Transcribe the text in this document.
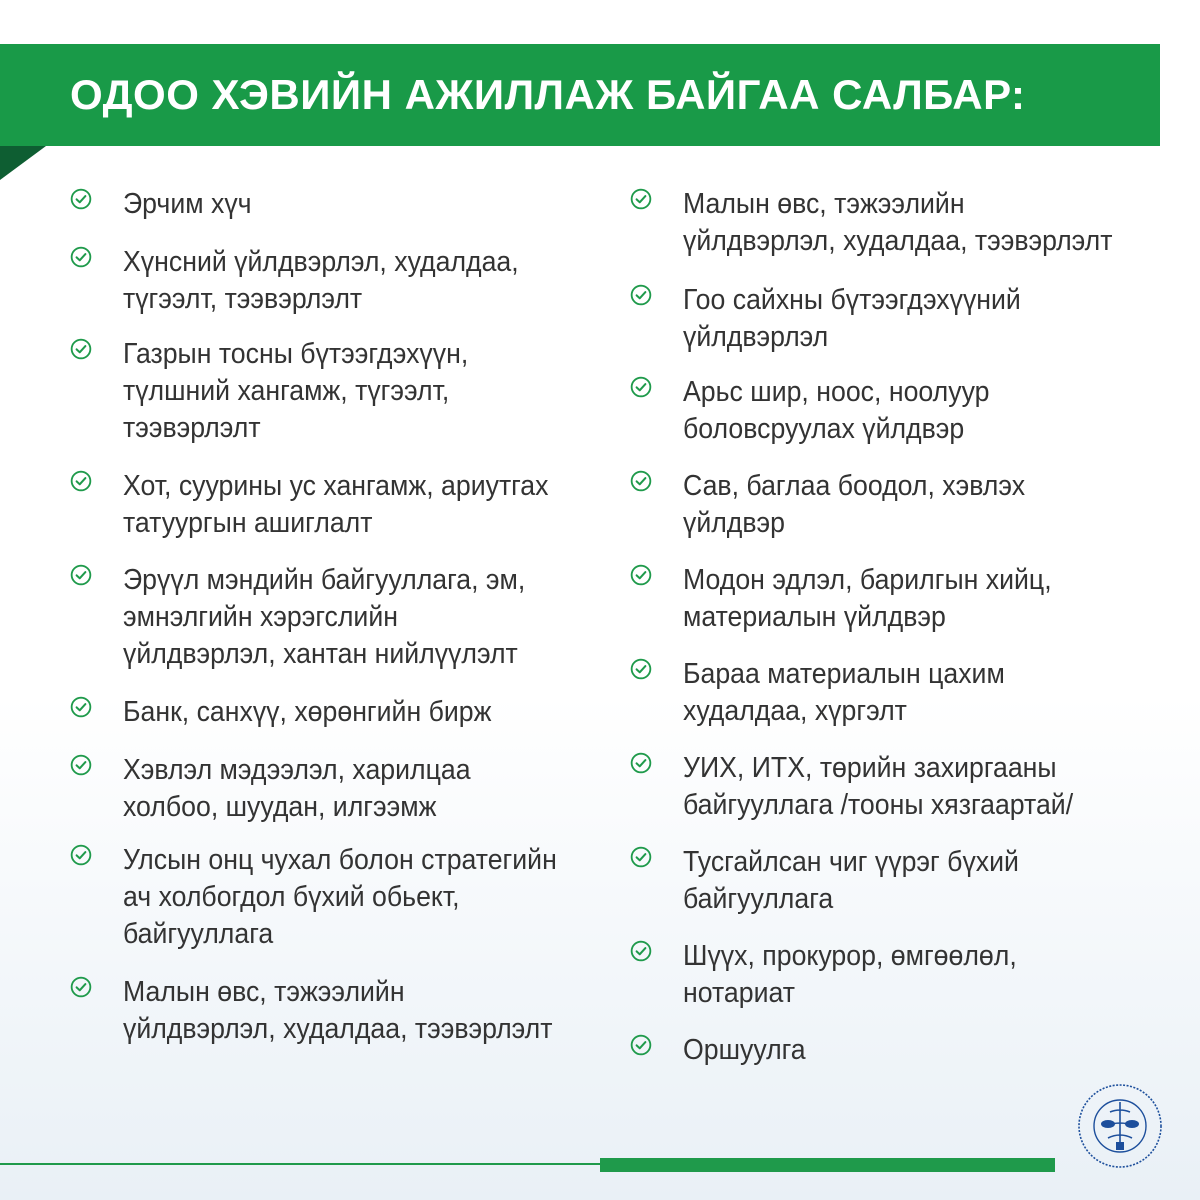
ОДОО ХЭВИЙН АЖИЛЛАЖ БАЙГАА САЛБАР:
Эрчим хүч
Хүнсний үйлдвэрлэл, худалдаа,
түгээлт, тээвэрлэлт
Газрын тосны бүтээгдэхүүн,
түлшний хангамж, түгээлт,
тээвэрлэлт
Хот, суурины ус хангамж, ариутгах
татуургын ашиглалт
Эрүүл мэндийн байгууллага, эм,
эмнэлгийн хэрэгслийн
үйлдвэрлэл, хантан нийлүүлэлт
Банк, санхүү, хөрөнгийн бирж
Хэвлэл мэдээлэл, харилцаа
холбоо, шуудан, илгээмж
Улсын онц чухал болон стратегийн
ач холбогдол бүхий обьект,
байгууллага
Малын өвс, тэжээлийн
үйлдвэрлэл, худалдаа, тээвэрлэлт
Малын өвс, тэжээлийн
үйлдвэрлэл, худалдаа, тээвэрлэлт
Гоо сайхны бүтээгдэхүүний
үйлдвэрлэл
Арьс шир, ноос, ноолуур
боловсруулах үйлдвэр
Сав, баглаа боодол, хэвлэх
үйлдвэр
Модон эдлэл, барилгын хийц,
материалын үйлдвэр
Бараа материалын цахим
худалдаа, хүргэлт
УИХ, ИТХ, төрийн захиргааны
байгууллага /тооны хязгаартай/
Тусгайлсан чиг үүрэг бүхий
байгууллага
Шүүх, прокурор, өмгөөлөл,
нотариат
Оршуулга
